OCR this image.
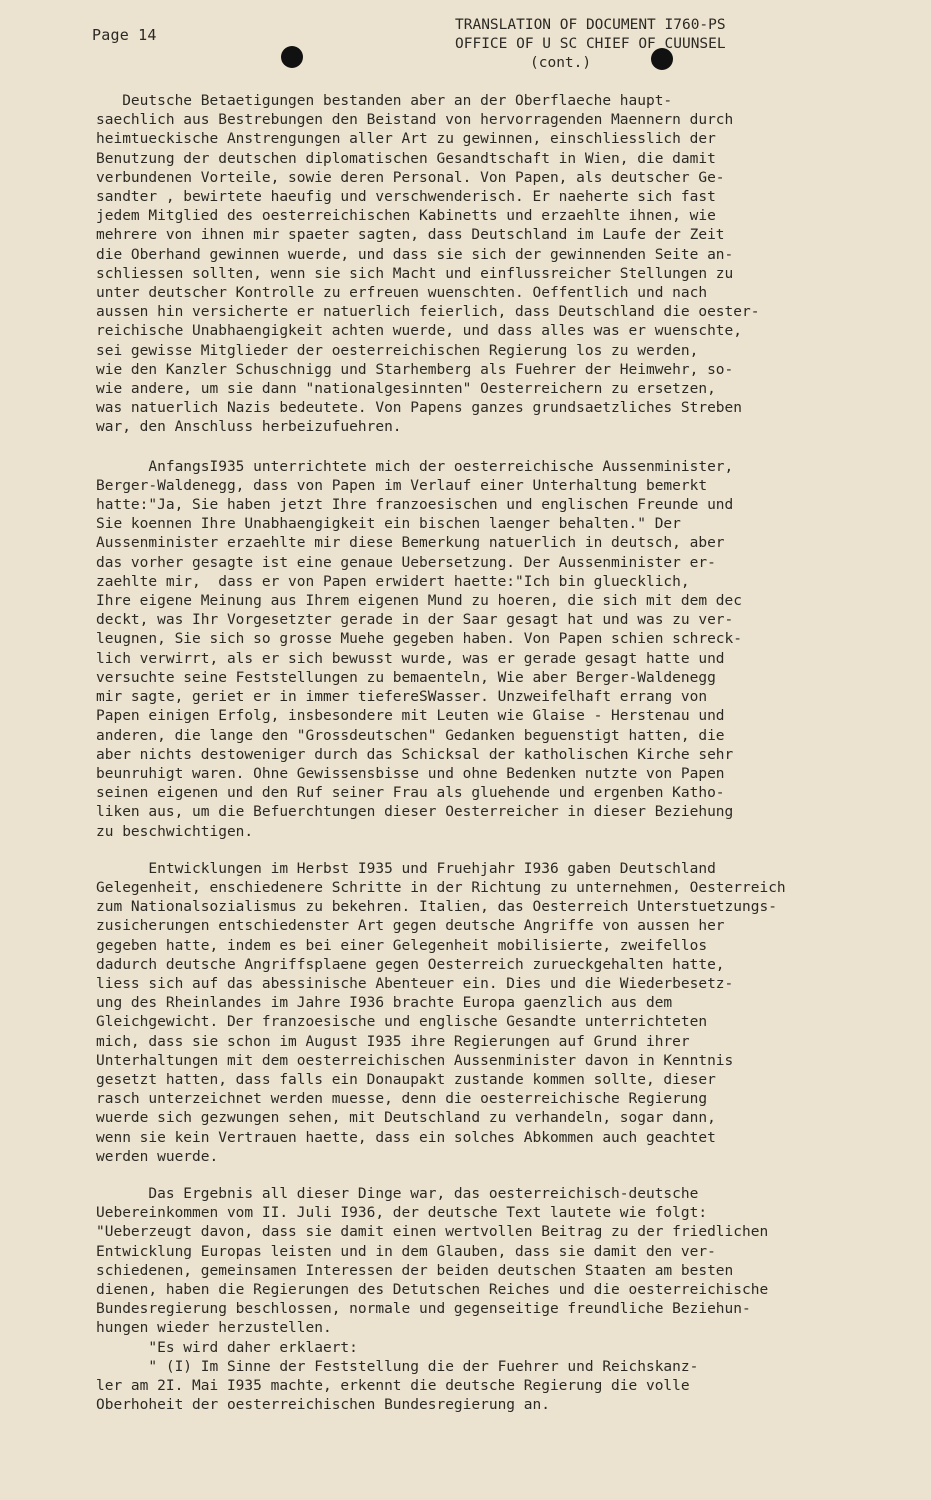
Page 14
TRANSLATION OF DOCUMENT I760-PS
OFFICE OF U SC CHIEF OF CUUNSEL
(cont.)
Deutsche Betaetigungen bestanden aber an der Oberflaeche haupt-
saechlich aus Bestrebungen den Beistand von hervorragenden Maennern durch
heimtueckische Anstrengungen aller Art zu gewinnen, einschliesslich der
Benutzung der deutschen diplomatischen Gesandtschaft in Wien, die damit
verbundenen Vorteile, sowie deren Personal. Von Papen, als deutscher Ge-
sandter , bewirtete haeufig und verschwenderisch. Er naeherte sich fast
jedem Mitglied des oesterreichischen Kabinetts und erzaehlte ihnen, wie
mehrere von ihnen mir spaeter sagten, dass Deutschland im Laufe der Zeit
die Oberhand gewinnen wuerde, und dass sie sich der gewinnenden Seite an-
schliessen sollten, wenn sie sich Macht und einflussreicher Stellungen zu
unter deutscher Kontrolle zu erfreuen wuenschten. Oeffentlich und nach
aussen hin versicherte er natuerlich feierlich, dass Deutschland die oester-
reichische Unabhaengigkeit achten wuerde, und dass alles was er wuenschte,
sei gewisse Mitglieder der oesterreichischen Regierung los zu werden,
wie den Kanzler Schuschnigg und Starhemberg als Fuehrer der Heimwehr, so-
wie andere, um sie dann "nationalgesinnten" Oesterreichern zu ersetzen,
was natuerlich Nazis bedeutete. Von Papens ganzes grundsaetzliches Streben
war, den Anschluss herbeizufuehren.
AnfangsI935 unterrichtete mich der oesterreichische Aussenminister,
Berger-Waldenegg, dass von Papen im Verlauf einer Unterhaltung bemerkt
hatte:"Ja, Sie haben jetzt Ihre franzoesischen und englischen Freunde und
Sie koennen Ihre Unabhaengigkeit ein bischen laenger behalten." Der
Aussenminister erzaehlte mir diese Bemerkung natuerlich in deutsch, aber
das vorher gesagte ist eine genaue Uebersetzung. Der Aussenminister er-
zaehlte mir,  dass er von Papen erwidert haette:"Ich bin gluecklich,
Ihre eigene Meinung aus Ihrem eigenen Mund zu hoeren, die sich mit dem dec
deckt, was Ihr Vorgesetzter gerade in der Saar gesagt hat und was zu ver-
leugnen, Sie sich so grosse Muehe gegeben haben. Von Papen schien schreck-
lich verwirrt, als er sich bewusst wurde, was er gerade gesagt hatte und
versuchte seine Feststellungen zu bemaenteln, Wie aber Berger-Waldenegg
mir sagte, geriet er in immer tiefereSWasser. Unzweifelhaft errang von
Papen einigen Erfolg, insbesondere mit Leuten wie Glaise - Herstenau und
anderen, die lange den "Grossdeutschen" Gedanken beguenstigt hatten, die
aber nichts destoweniger durch das Schicksal der katholischen Kirche sehr
beunruhigt waren. Ohne Gewissensbisse und ohne Bedenken nutzte von Papen
seinen eigenen und den Ruf seiner Frau als gluehende und ergenben Katho-
liken aus, um die Befuerchtungen dieser Oesterreicher in dieser Beziehung
zu beschwichtigen.
Entwicklungen im Herbst I935 und Fruehjahr I936 gaben Deutschland
Gelegenheit, enschiedenere Schritte in der Richtung zu unternehmen, Oesterreich
zum Nationalsozialismus zu bekehren. Italien, das Oesterreich Unterstuetzungs-
zusicherungen entschiedenster Art gegen deutsche Angriffe von aussen her
gegeben hatte, indem es bei einer Gelegenheit mobilisierte, zweifellos
dadurch deutsche Angriffsplaene gegen Oesterreich zurueckgehalten hatte,
liess sich auf das abessinische Abenteuer ein. Dies und die Wiederbesetz-
ung des Rheinlandes im Jahre I936 brachte Europa gaenzlich aus dem
Gleichgewicht. Der franzoesische und englische Gesandte unterrichteten
mich, dass sie schon im August I935 ihre Regierungen auf Grund ihrer
Unterhaltungen mit dem oesterreichischen Aussenminister davon in Kenntnis
gesetzt hatten, dass falls ein Donaupakt zustande kommen sollte, dieser
rasch unterzeichnet werden muesse, denn die oesterreichische Regierung
wuerde sich gezwungen sehen, mit Deutschland zu verhandeln, sogar dann,
wenn sie kein Vertrauen haette, dass ein solches Abkommen auch geachtet
werden wuerde.
Das Ergebnis all dieser Dinge war, das oesterreichisch-deutsche
Uebereinkommen vom II. Juli I936, der deutsche Text lautete wie folgt:
"Ueberzeugt davon, dass sie damit einen wertvollen Beitrag zu der friedlichen
Entwicklung Europas leisten und in dem Glauben, dass sie damit den ver-
schiedenen, gemeinsamen Interessen der beiden deutschen Staaten am besten
dienen, haben die Regierungen des Detutschen Reiches und die oesterreichische
Bundesregierung beschlossen, normale und gegenseitige freundliche Beziehun-
hungen wieder herzustellen.
"Es wird daher erklaert:
" (I) Im Sinne der Feststellung die der Fuehrer und Reichskanz-
ler am 2I. Mai I935 machte, erkennt die deutsche Regierung die volle
Oberhoheit der oesterreichischen Bundesregierung an.
